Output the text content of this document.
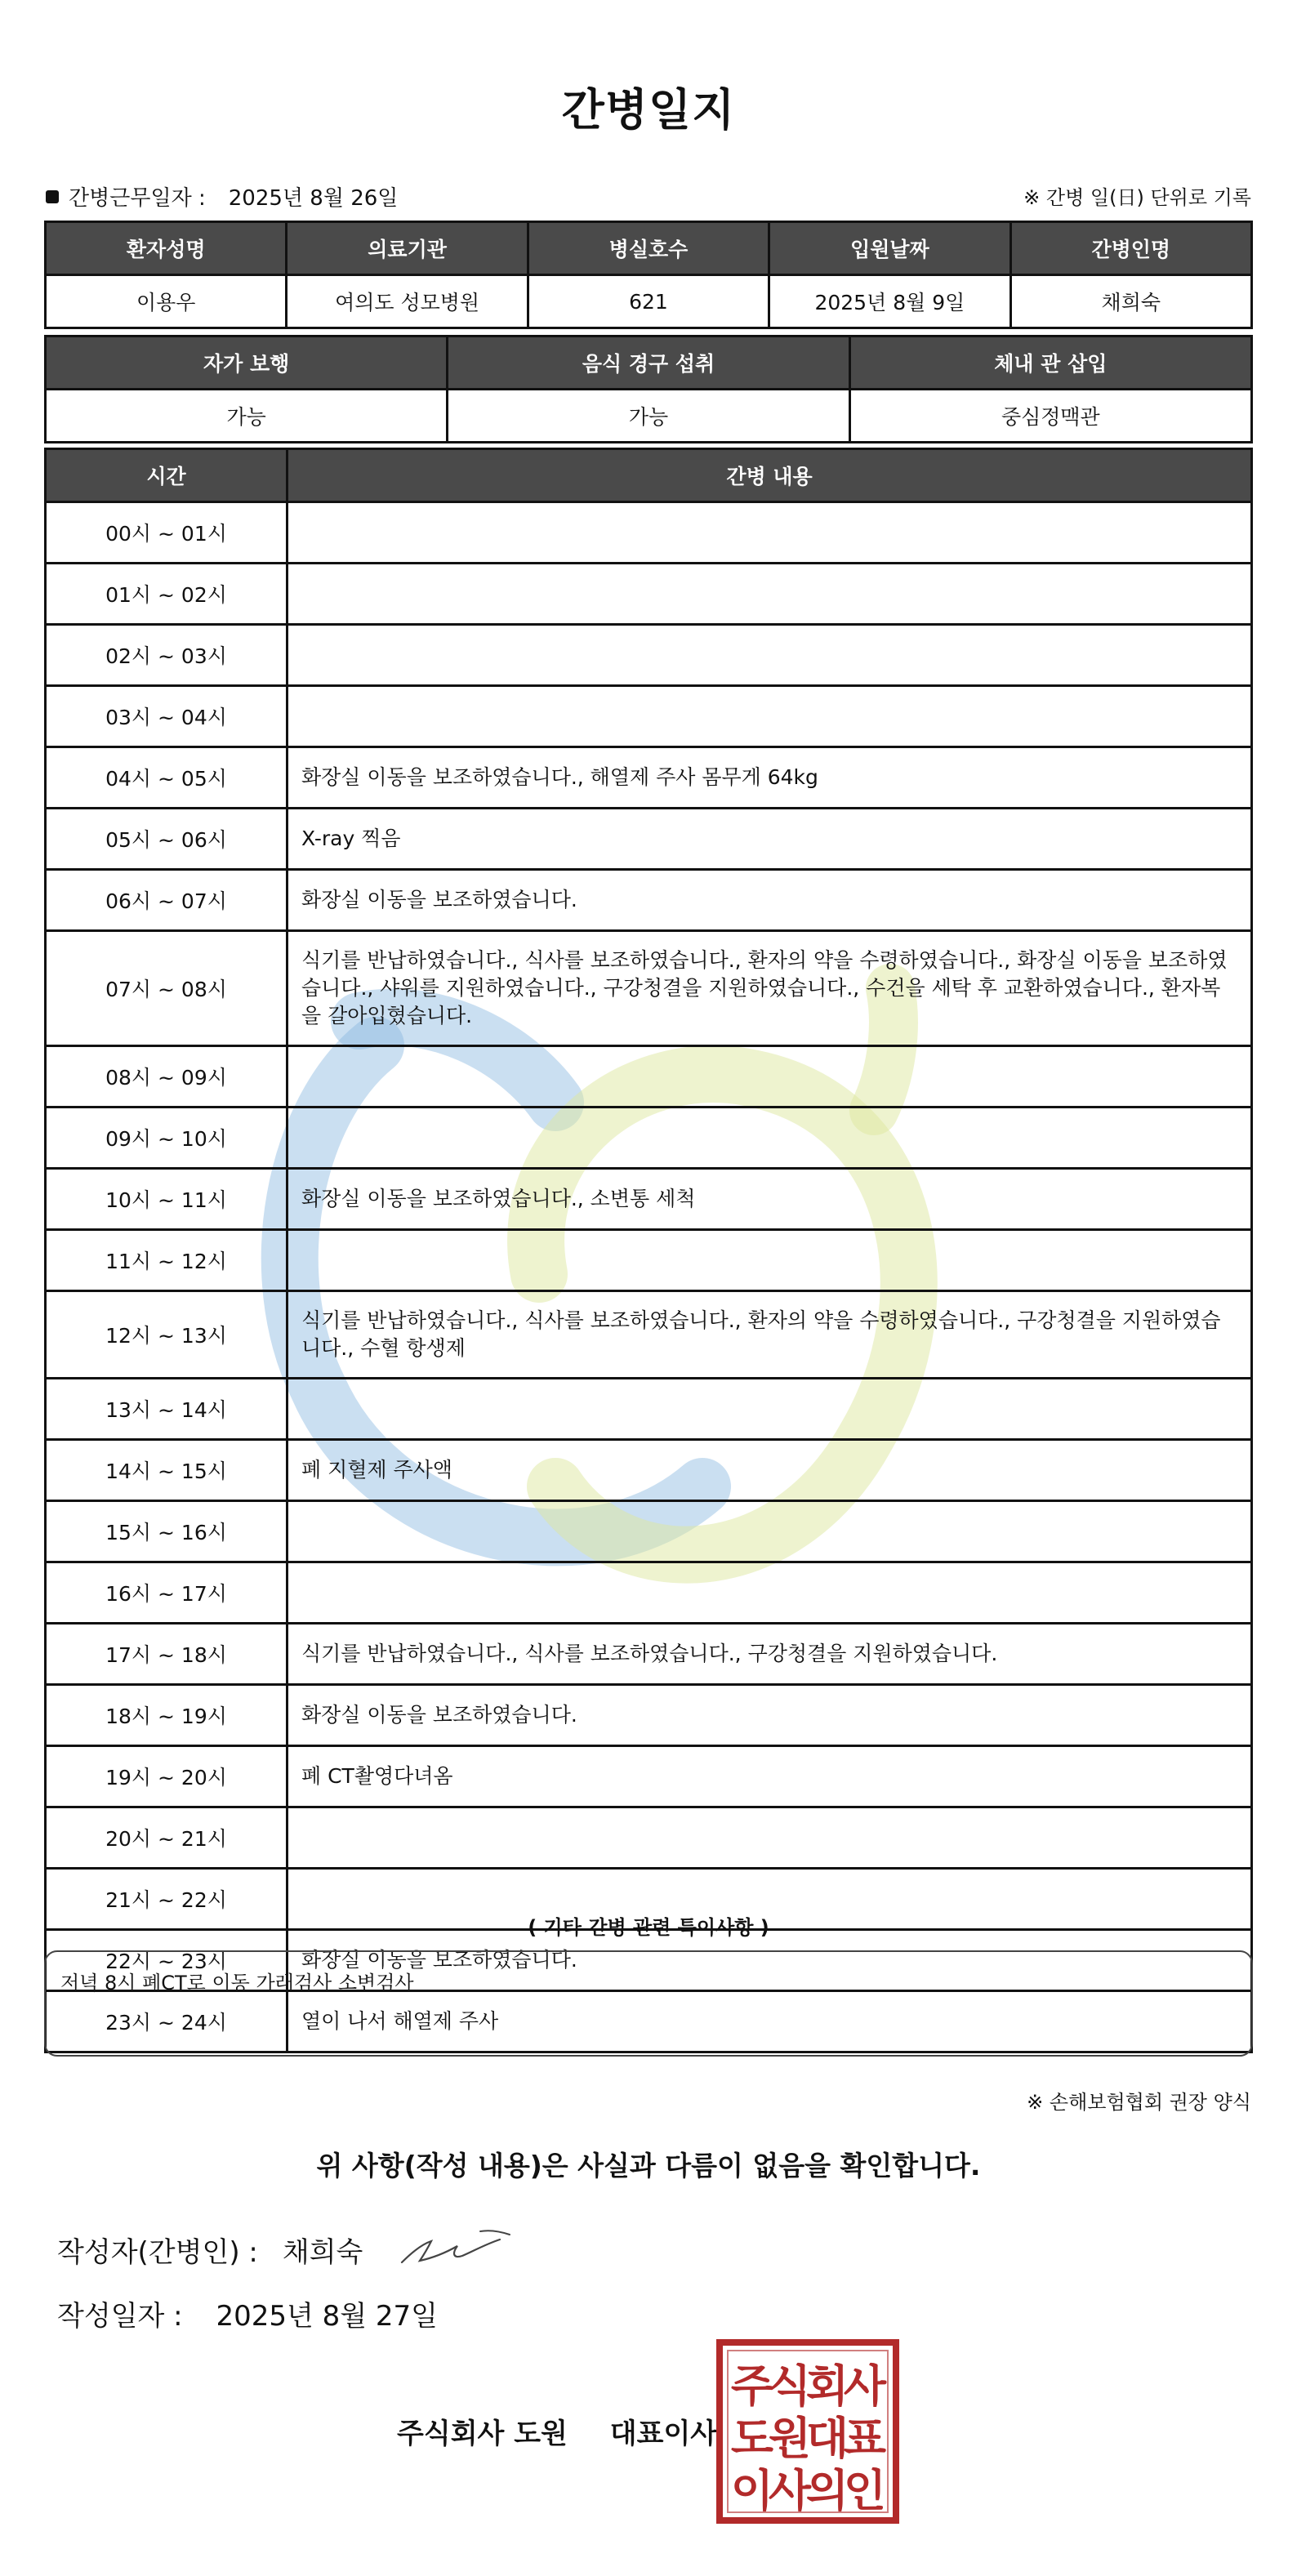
간병일지
간병근무일자 : 2025년 8월 26일	※ 간병 일(日) 단위로 기록
환자성명	의료기관	병실호수	입원날짜	간병인명
이용우	여의도 성모병원	621	2025년 8월 9일	채희숙
자가 보행	음식 경구 섭취	체내 관 삽입
가능	가능	중심정맥관
시간	간병 내용
00시 ~ 01시	
01시 ~ 02시	
02시 ~ 03시	
03시 ~ 04시	
04시 ~ 05시	화장실 이동을 보조하였습니다., 해열제 주사 몸무게 64kg
05시 ~ 06시	X-ray 찍음
06시 ~ 07시	화장실 이동을 보조하였습니다.
07시 ~ 08시	식기를 반납하였습니다., 식사를 보조하였습니다., 환자의 약을 수령하였습니다., 화장실 이동을 보조하였습니다., 샤워를 지원하였습니다., 구강청결을 지원하였습니다., 수건을 세탁 후 교환하였습니다., 환자복을 갈아입혔습니다.
08시 ~ 09시	
09시 ~ 10시	
10시 ~ 11시	화장실 이동을 보조하였습니다., 소변통 세척
11시 ~ 12시	
12시 ~ 13시	식기를 반납하였습니다., 식사를 보조하였습니다., 환자의 약을 수령하였습니다., 구강청결을 지원하였습니다., 수혈 항생제
13시 ~ 14시	
14시 ~ 15시	폐 지혈제 주사액
15시 ~ 16시	
16시 ~ 17시	
17시 ~ 18시	식기를 반납하였습니다., 식사를 보조하였습니다., 구강청결을 지원하였습니다.
18시 ~ 19시	화장실 이동을 보조하였습니다.
19시 ~ 20시	폐 CT촬영다녀옴
20시 ~ 21시	
21시 ~ 22시	
22시 ~ 23시	화장실 이동을 보조하였습니다.
23시 ~ 24시	열이 나서 해열제 주사
( 기타 간병 관련 특이사항 )
저녁 8시 폐CT로 이동 가래검사 소변검사
※ 손해보험협회 권장 양식
위 사항(작성 내용)은 사실과 다름이 없음을 확인합니다.
작성자(간병인) : 채희숙
작성일자 : 2025년 8월 27일
주식회사 도원 대표이사
주
식
회
사
도
원
대
표
이
사
의
인
